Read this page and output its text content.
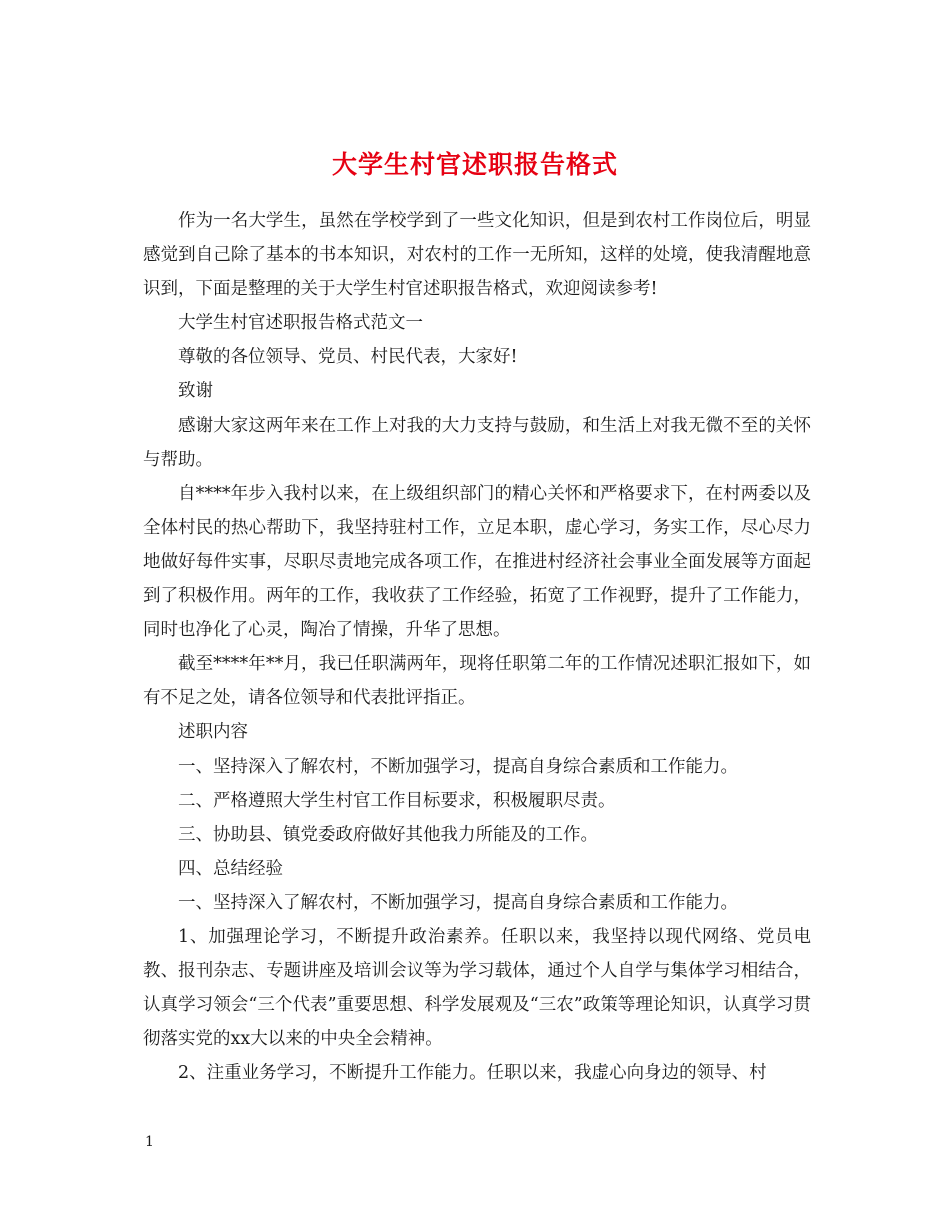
大学生村官述职报告格式

作为一名大学生，虽然在学校学到了一些文化知识，但是到农村工作岗位后，明显感觉到自己除了基本的书本知识，对农村的工作一无所知，这样的处境，使我清醒地意识到，下面是整理的关于大学生村官述职报告格式，欢迎阅读参考!

大学生村官述职报告格式范文一

尊敬的各位领导、党员、村民代表，大家好!

致谢

感谢大家这两年来在工作上对我的大力支持与鼓励，和生活上对我无微不至的关怀与帮助。

自****年步入我村以来，在上级组织部门的精心关怀和严格要求下，在村两委以及全体村民的热心帮助下，我坚持驻村工作，立足本职，虚心学习，务实工作，尽心尽力地做好每件实事，尽职尽责地完成各项工作，在推进村经济社会事业全面发展等方面起到了积极作用。两年的工作，我收获了工作经验，拓宽了工作视野，提升了工作能力，同时也净化了心灵，陶冶了情操，升华了思想。

截至****年**月，我已任职满两年，现将任职第二年的工作情况述职汇报如下，如有不足之处，请各位领导和代表批评指正。

述职内容

一、坚持深入了解农村，不断加强学习，提高自身综合素质和工作能力。

二、严格遵照大学生村官工作目标要求，积极履职尽责。

三、协助县、镇党委政府做好其他我力所能及的工作。

四、总结经验

一、坚持深入了解农村，不断加强学习，提高自身综合素质和工作能力。

1、加强理论学习，不断提升政治素养。任职以来，我坚持以现代网络、党员电教、报刊杂志、专题讲座及培训会议等为学习载体，通过个人自学与集体学习相结合，认真学习领会“三个代表”重要思想、科学发展观及“三农”政策等理论知识，认真学习贯彻落实党的xx大以来的中央全会精神。

2、注重业务学习，不断提升工作能力。任职以来，我虚心向身边的领导、村

1
